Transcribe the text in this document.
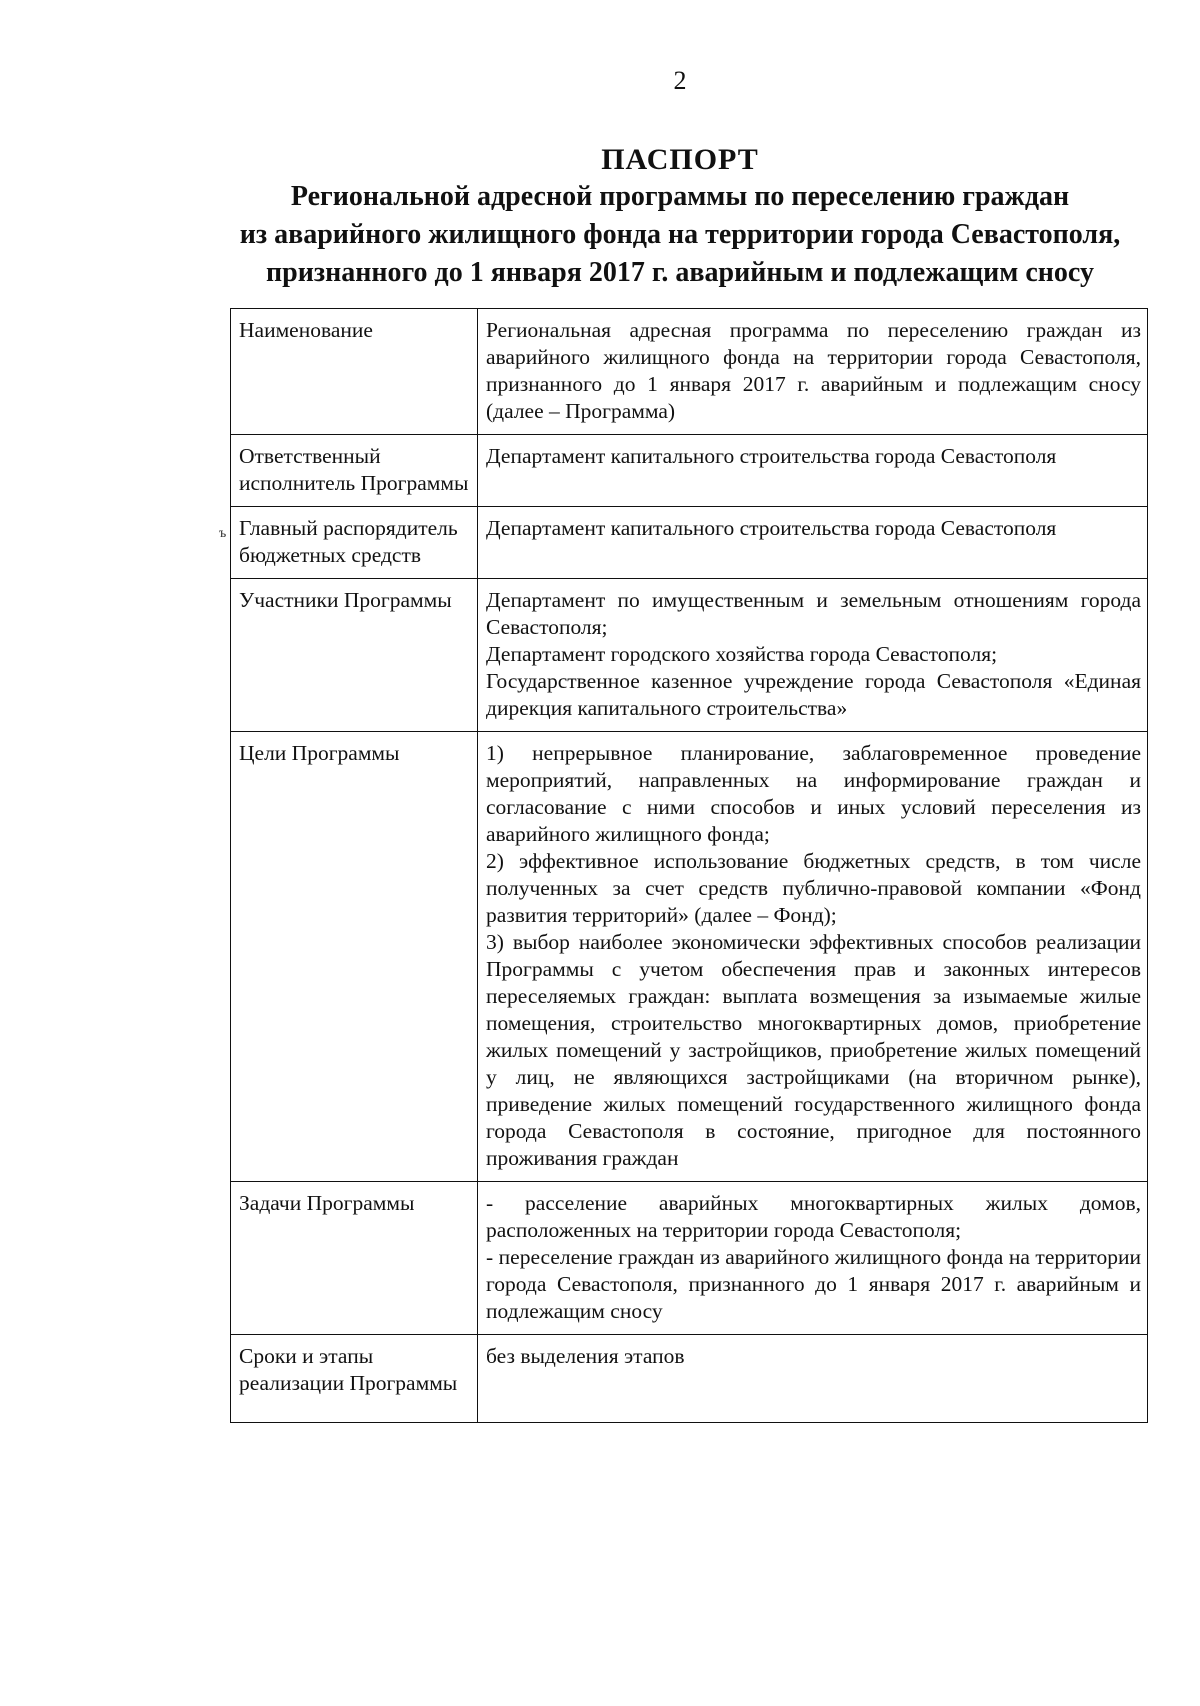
2
ПАСПОРТ
Региональной адресной программы по переселению граждан
из аварийного жилищного фонда на территории города Севастополя,
признанного до 1 января 2017 г. аварийным и подлежащим сносу
ъ
Наименование	Региональная адресная программа по переселению граждан из аварийного жилищного фонда на территории города Севастополя, признанного до 1 января 2017 г. аварийным и подлежащим сносу (далее – Программа)

Ответственный исполнитель Программы	Департамент капитального строительства города Севастополя

Главный распорядитель бюджетных средств	Департамент капитального строительства города Севастополя

Участники Программы	Департамент по имущественным и земельным отношениям города Севастополя;
Департамент городского хозяйства города Севастополя;
Государственное казенное учреждение города Севастополя «Единая дирекция капитального строительства»

Цели Программы	1) непрерывное планирование, заблаговременное проведение мероприятий, направленных на информирование граждан и согласование с ними способов и иных условий переселения из аварийного жилищного фонда;
2) эффективное использование бюджетных средств, в том числе полученных за счет средств публично-правовой компании «Фонд развития территорий» (далее – Фонд);
3) выбор наиболее экономически эффективных способов реализации Программы с учетом обеспечения прав и законных интересов переселяемых граждан: выплата возмещения за изымаемые жилые помещения, строительство многоквартирных домов, приобретение жилых помещений у застройщиков, приобретение жилых помещений у лиц, не являющихся застройщиками (на вторичном рынке), приведение жилых помещений государственного жилищного фонда города Севастополя в состояние, пригодное для постоянного проживания граждан

Задачи Программы	- расселение аварийных многоквартирных жилых домов, расположенных на территории города Севастополя;
- переселение граждан из аварийного жилищного фонда на территории города Севастополя, признанного до 1 января 2017 г. аварийным и подлежащим сносу

Сроки и этапы реализации Программы	без выделения этапов
